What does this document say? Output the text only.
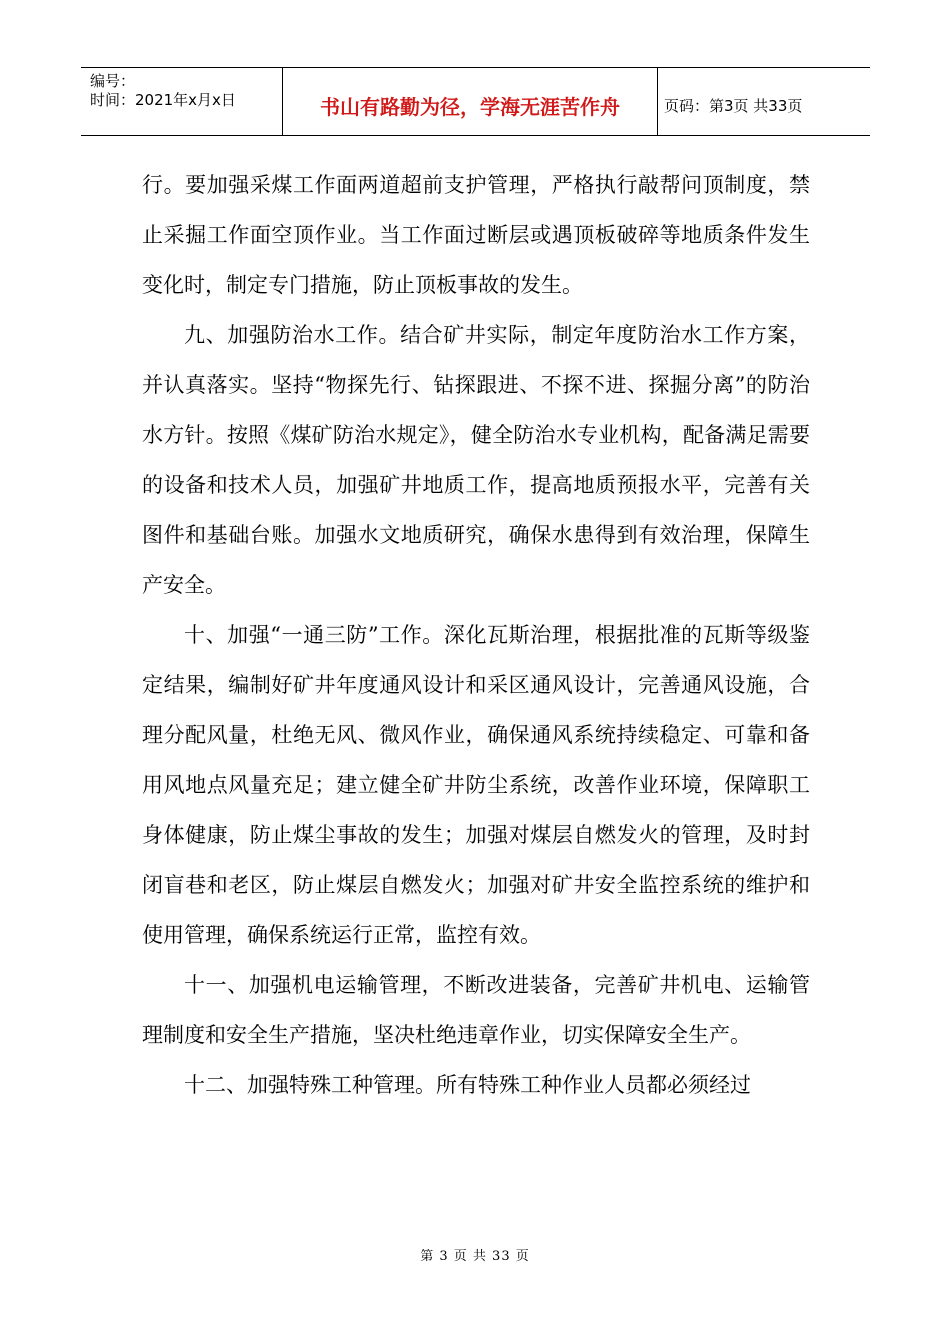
编号：
时间：2021年x月x日	书山有路勤为径，学海无涯苦作舟	页码：第3页 共33页

行。要加强采煤工作面两道超前支护管理，严格执行敲帮问顶制度，禁止采掘工作面空顶作业。当工作面过断层或遇顶板破碎等地质条件发生变化时，制定专门措施，防止顶板事故的发生。

九、加强防治水工作。结合矿井实际，制定年度防治水工作方案，并认真落实。坚持“物探先行、钻探跟进、不探不进、探掘分离”的防治水方针。按照《煤矿防治水规定》，健全防治水专业机构，配备满足需要的设备和技术人员，加强矿井地质工作，提高地质预报水平，完善有关图件和基础台账。加强水文地质研究，确保水患得到有效治理，保障生产安全。

十、加强“一通三防”工作。深化瓦斯治理，根据批准的瓦斯等级鉴定结果，编制好矿井年度通风设计和采区通风设计，完善通风设施，合理分配风量，杜绝无风、微风作业，确保通风系统持续稳定、可靠和备用风地点风量充足；建立健全矿井防尘系统，改善作业环境，保障职工身体健康，防止煤尘事故的发生；加强对煤层自燃发火的管理，及时封闭盲巷和老区，防止煤层自燃发火；加强对矿井安全监控系统的维护和使用管理，确保系统运行正常，监控有效。

十一、加强机电运输管理，不断改进装备，完善矿井机电、运输管理制度和安全生产措施，坚决杜绝违章作业，切实保障安全生产。

十二、加强特殊工种管理。所有特殊工种作业人员都必须经过

第 3 页 共 33 页
